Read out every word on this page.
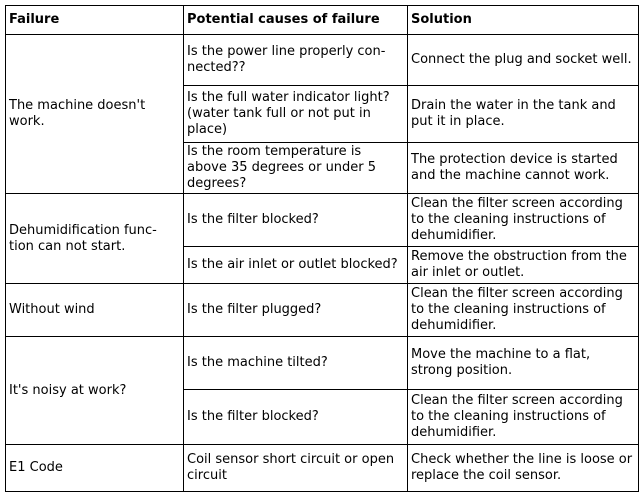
Failure	Potential causes of failure	Solution
The machine doesn't work.	Is the power line properly con-nected??	Connect the plug and socket well.
	Is the full water indicator light? (water tank full or not put in place)	Drain the water in the tank and put it in place.
	Is the room temperature is above 35 degrees or under 5 degrees?	The protection device is started and the machine cannot work.
Dehumidification func-tion can not start.	Is the filter blocked?	Clean the filter screen according to the cleaning instructions of dehumidifier.
	Is the air inlet or outlet blocked?	Remove the obstruction from the air inlet or outlet.
Without wind	Is the filter plugged?	Clean the filter screen according to the cleaning instructions of dehumidifier.
It's noisy at work?	Is the machine tilted?	Move the machine to a flat, strong position.
	Is the filter blocked?	Clean the filter screen according to the cleaning instructions of dehumidifier.
E1 Code	Coil sensor short circuit or open circuit	Check whether the line is loose or replace the coil sensor.
